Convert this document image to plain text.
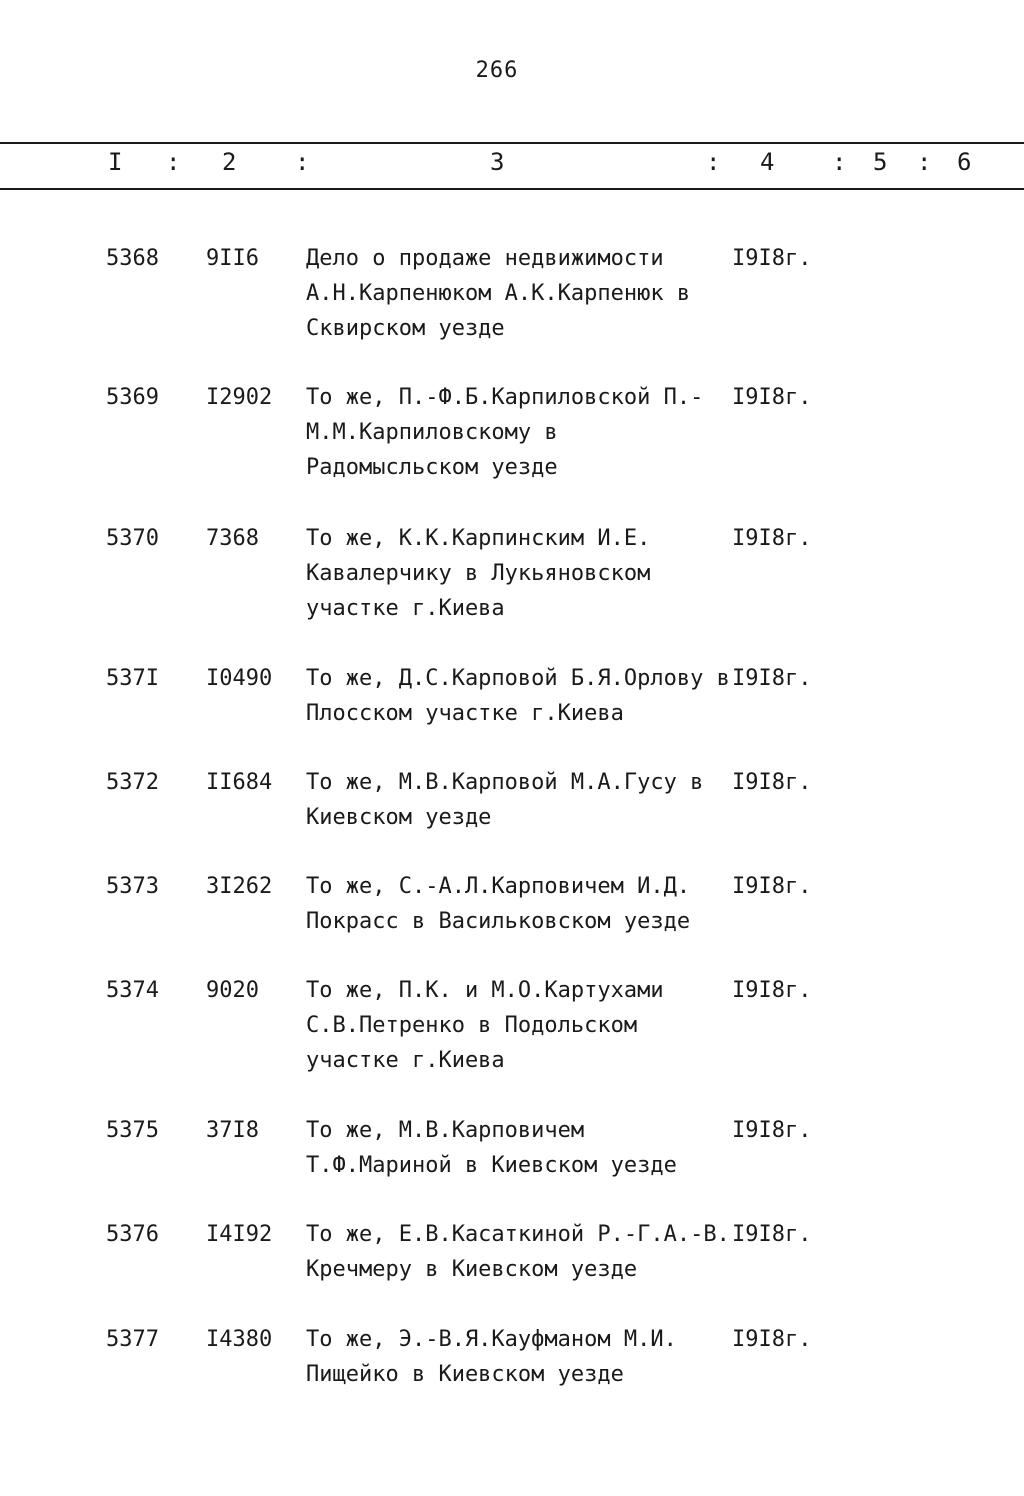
266
I : 2 :	3	: 4 : 5 : 6
5368 9II6 Дело о продаже недвижимости А.Н.Карпенюком А.К.Карпенюк в Сквирском уезде
I9I8г.
5369 I2902 То же, П.-Ф.Б.Карпиловской П.-М.М.Карпиловскому в Радомысльском уезде
I9I8г.
5370 7368 То же, К.К.Карпинским И.Е. Кавалерчику в Лукьяновском участке г.Киева
I9I8г.
537I I0490 То же, Д.С.Карповой Б.Я.Орлову в Плосском участке г.Киева
I9I8г.
5372 II684 То же, М.В.Карповой М.А.Гусу в Киевском уезде
I9I8г.
5373 3I262 То же, С.-А.Л.Карповичем И.Д. Покрасс в Васильковском уезде
I9I8г.
5374 9020 То же, П.К. и М.О.Картухами С.В.Петренко в Подольском участке г.Киева
I9I8г.
5375 37I8 То же, М.В.Карповичем Т.Ф.Мариной в Киевском уезде
I9I8г.
5376 I4I92 То же, Е.В.Касаткиной Р.-Г.А.-В. Кречмеру в Киевском уезде
I9I8г.
5377 I4380 То же, Э.-В.Я.Кауфманом М.И. Пищейко в Киевском уезде
I9I8г.
